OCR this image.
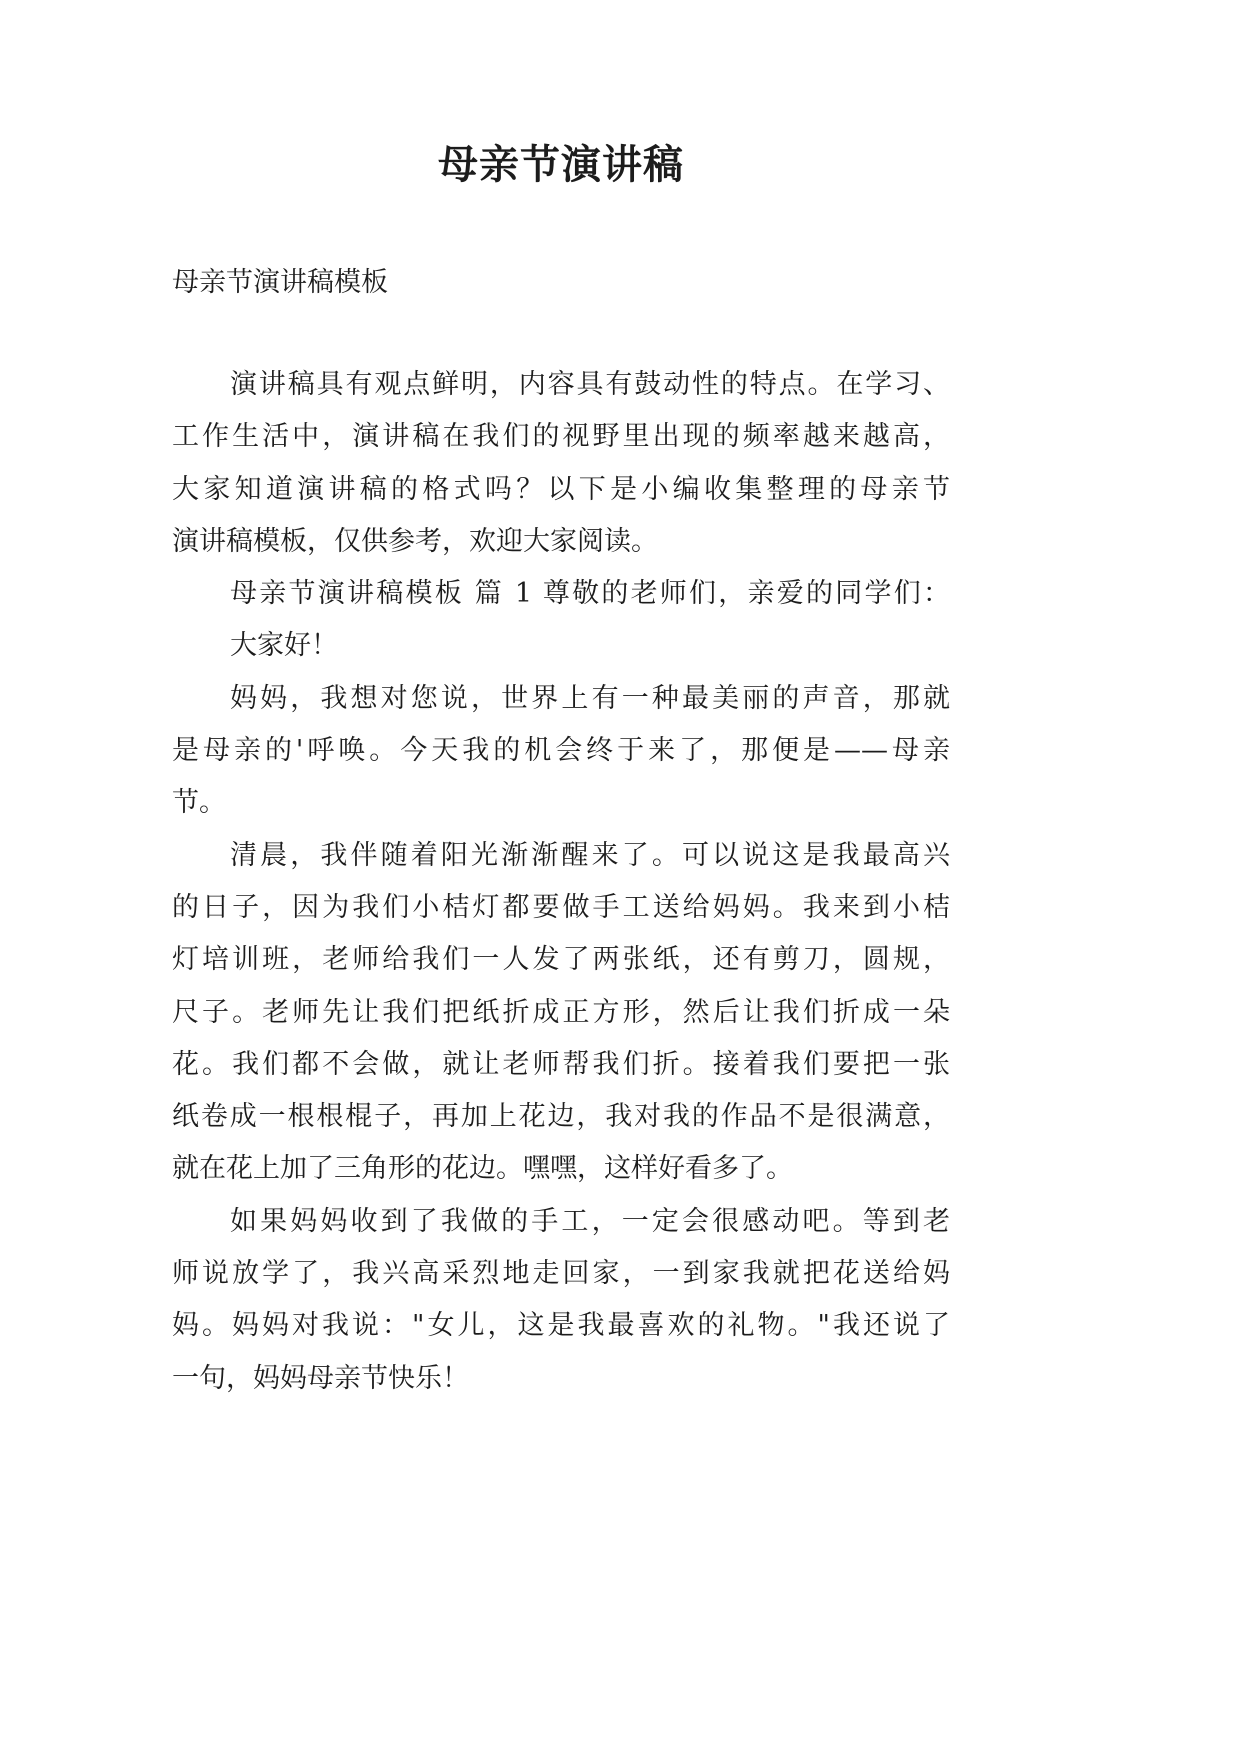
母亲节演讲稿
母亲节演讲稿模板
演讲稿具有观点鲜明，内容具有鼓动性的特点。在学习、
工作生活中，演讲稿在我们的视野里出现的频率越来越高，
大家知道演讲稿的格式吗？以下是小编收集整理的母亲节
演讲稿模板，仅供参考，欢迎大家阅读。
母亲节演讲稿模板 篇 1 尊敬的老师们，亲爱的同学们：
大家好！
妈妈，我想对您说，世界上有一种最美丽的声音，那就
是母亲的'呼唤。今天我的机会终于来了，那便是——母亲
节。
清晨，我伴随着阳光渐渐醒来了。可以说这是我最高兴
的日子，因为我们小桔灯都要做手工送给妈妈。我来到小桔
灯培训班，老师给我们一人发了两张纸，还有剪刀，圆规，
尺子。老师先让我们把纸折成正方形，然后让我们折成一朵
花。我们都不会做，就让老师帮我们折。接着我们要把一张
纸卷成一根根棍子，再加上花边，我对我的作品不是很满意，
就在花上加了三角形的花边。嘿嘿，这样好看多了。
如果妈妈收到了我做的手工，一定会很感动吧。等到老
师说放学了，我兴高采烈地走回家，一到家我就把花送给妈
妈。妈妈对我说："女儿，这是我最喜欢的礼物。"我还说了
一句，妈妈母亲节快乐！
